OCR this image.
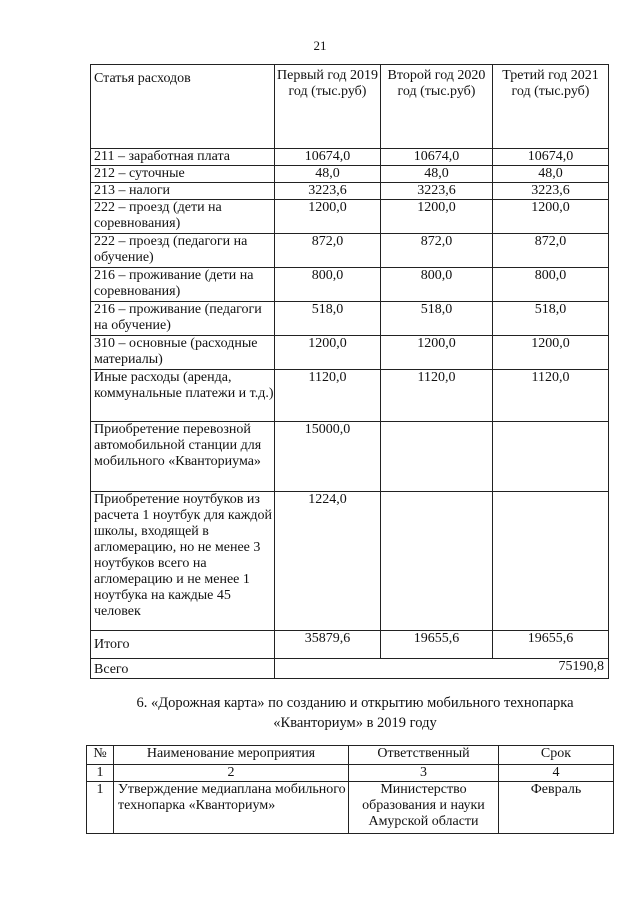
21
Статья расходов	Первый год 2019 год (тыс.руб)	Второй год 2020 год (тыс.руб)	Третий год 2021 год (тыс.руб)
211 – заработная плата	10674,0	10674,0	10674,0
212 – суточные	48,0	48,0	48,0
213 – налоги	3223,6	3223,6	3223,6
222 – проезд (дети на соревнования)	1200,0	1200,0	1200,0
222 – проезд (педагоги на обучение)	872,0	872,0	872,0
216 – проживание (дети на соревнования)	800,0	800,0	800,0
216 – проживание (педагоги на обучение)	518,0	518,0	518,0
310 – основные (расходные материалы)	1200,0	1200,0	1200,0
Иные расходы (аренда, коммунальные платежи и т.д.)	1120,0	1120,0	1120,0
Приобретение перевозной автомобильной станции для мобильного «Кванториума»	15000,0		
Приобретение ноутбуков из расчета 1 ноутбук для каждой школы, входящей в агломерацию, но не менее 3 ноутбуков всего на агломерацию и не менее 1 ноутбука на каждые 45 человек	1224,0		
Итого	35879,6	19655,6	19655,6
Всего	75190,8		
6. «Дорожная карта» по созданию и открытию мобильного технопарка «Кванториум» в 2019 году
№	Наименование мероприятия	Ответственный	Срок
1	2	3	4
1	Утверждение медиаплана мобильного технопарка «Кванториум»	Министерство образования и науки Амурской области	Февраль
